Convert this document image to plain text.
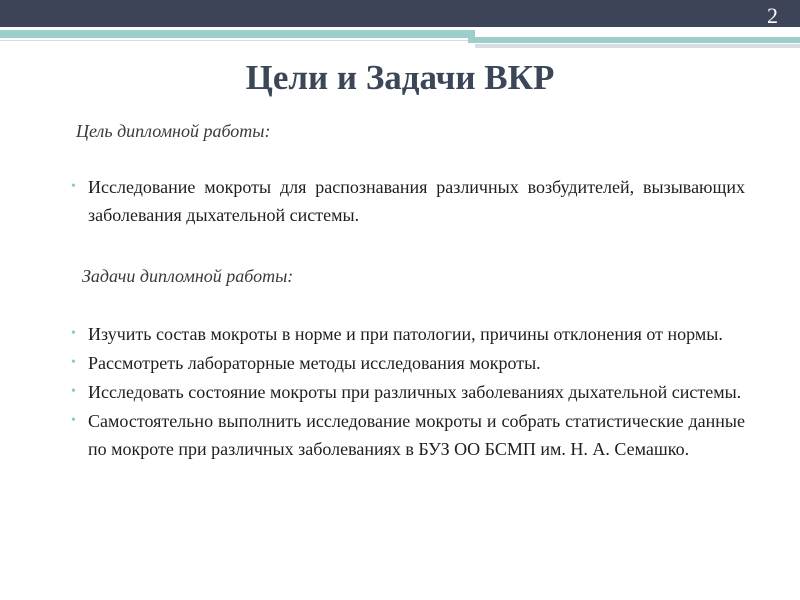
2
Цели и Задачи ВКР

Цель дипломной работы:

• Исследование мокроты для распознавания различных возбудителей, вызывающих заболевания дыхательной системы.

Задачи дипломной работы:

• Изучить состав мокроты в норме и при патологии, причины отклонения от нормы.
• Рассмотреть лабораторные методы исследования мокроты.
• Исследовать состояние мокроты при различных заболеваниях дыхательной системы.
• Самостоятельно выполнить исследование мокроты и собрать статистические данные по мокроте при различных заболеваниях в БУЗ ОО БСМП им. Н. А. Семашко.
